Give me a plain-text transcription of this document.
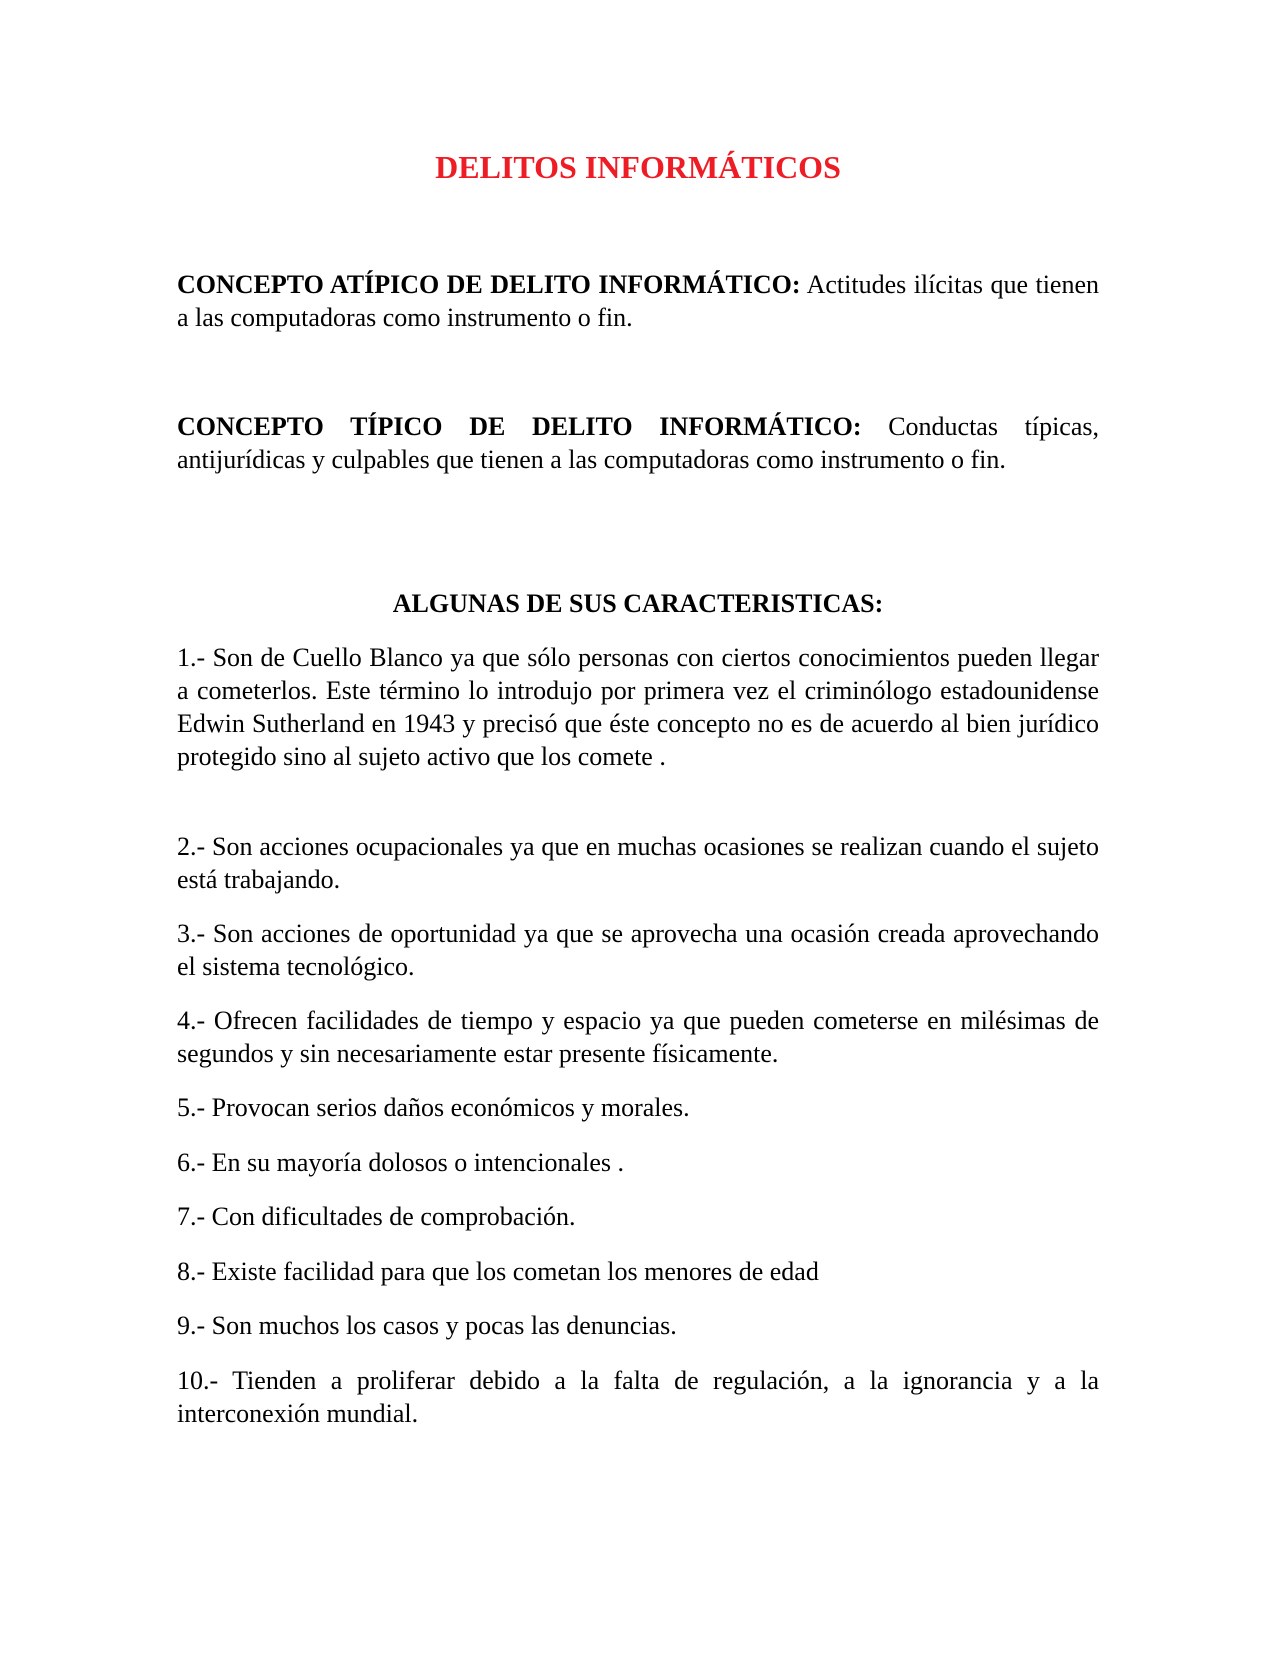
DELITOS INFORMÁTICOS

CONCEPTO ATÍPICO DE DELITO INFORMÁTICO: Actitudes ilícitas que tienen a las computadoras como instrumento o fin.

CONCEPTO TÍPICO DE DELITO INFORMÁTICO: Conductas típicas, antijurídicas y culpables que tienen a las computadoras como instrumento o fin.

ALGUNAS DE SUS CARACTERISTICAS:

1.- Son de Cuello Blanco ya que sólo personas con ciertos conocimientos pueden llegar a cometerlos. Este término lo introdujo por primera vez el criminólogo estadounidense Edwin Sutherland en 1943 y precisó que éste concepto no es de acuerdo al bien jurídico protegido sino al sujeto activo que los comete .

2.- Son acciones ocupacionales ya que en muchas ocasiones se realizan cuando el sujeto está trabajando.

3.- Son acciones de oportunidad ya que se aprovecha una ocasión creada aprovechando el sistema tecnológico.

4.- Ofrecen facilidades de tiempo y espacio ya que pueden cometerse en milésimas de segundos y sin necesariamente estar presente físicamente.

5.- Provocan serios daños económicos y morales.

6.- En su mayoría dolosos o intencionales .

7.- Con dificultades de comprobación.

8.- Existe facilidad para que los cometan los menores de edad

9.- Son muchos los casos y pocas las denuncias.

10.- Tienden a proliferar debido a la falta de regulación, a la ignorancia y a la interconexión mundial.
